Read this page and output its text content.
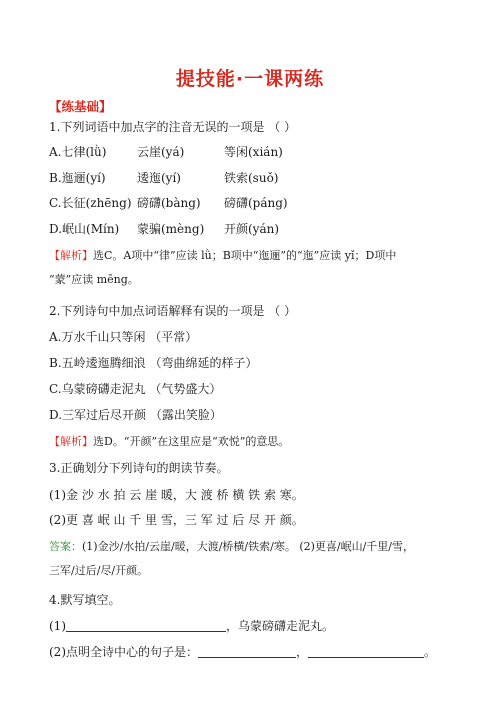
提技能·一课两练
【练基础】
1.下列词语中加点字的注音无误的一项是 （ ）
A.七律(lǜ)	云崖(yá)	等闲(xián)
B.迤逦(yí)	逶迤(yí)	铁索(suǒ)
C.长征(zhēng) 磅礴(bàng) 磅礴(páng)
D.岷山(Mín) 蒙骗(mèng) 开颜(yán)
【解析】选C。A项中“律”应读 lǜ；B项中“迤逦”的“迤”应读 yǐ；D项中
“蒙”应读 mēng。
2.下列诗句中加点词语解释有误的一项是 （ ）
A.万水千山只等闲 （平常）
B.五岭逶迤腾细浪 （弯曲绵延的样子）
C.乌蒙磅礴走泥丸 （气势盛大）
D.三军过后尽开颜 （露出笑脸）
【解析】选D。“开颜”在这里应是“欢悦”的意思。
3.正确划分下列诗句的朗读节奏。
(1)金 沙 水 拍 云 崖 暖，大 渡 桥 横 铁 索 寒。
(2)更 喜 岷 山 千 里 雪，三 军 过 后 尽 开 颜。
答案：(1)金沙/水拍/云崖/暖，大渡/桥横/铁索/寒。 (2)更喜/岷山/千里/雪，
三军/过后/尽/开颜。
4.默写填空。
(1)	，乌蒙磅礴走泥丸。
(2)点明全诗中心的句子是：	，	。
